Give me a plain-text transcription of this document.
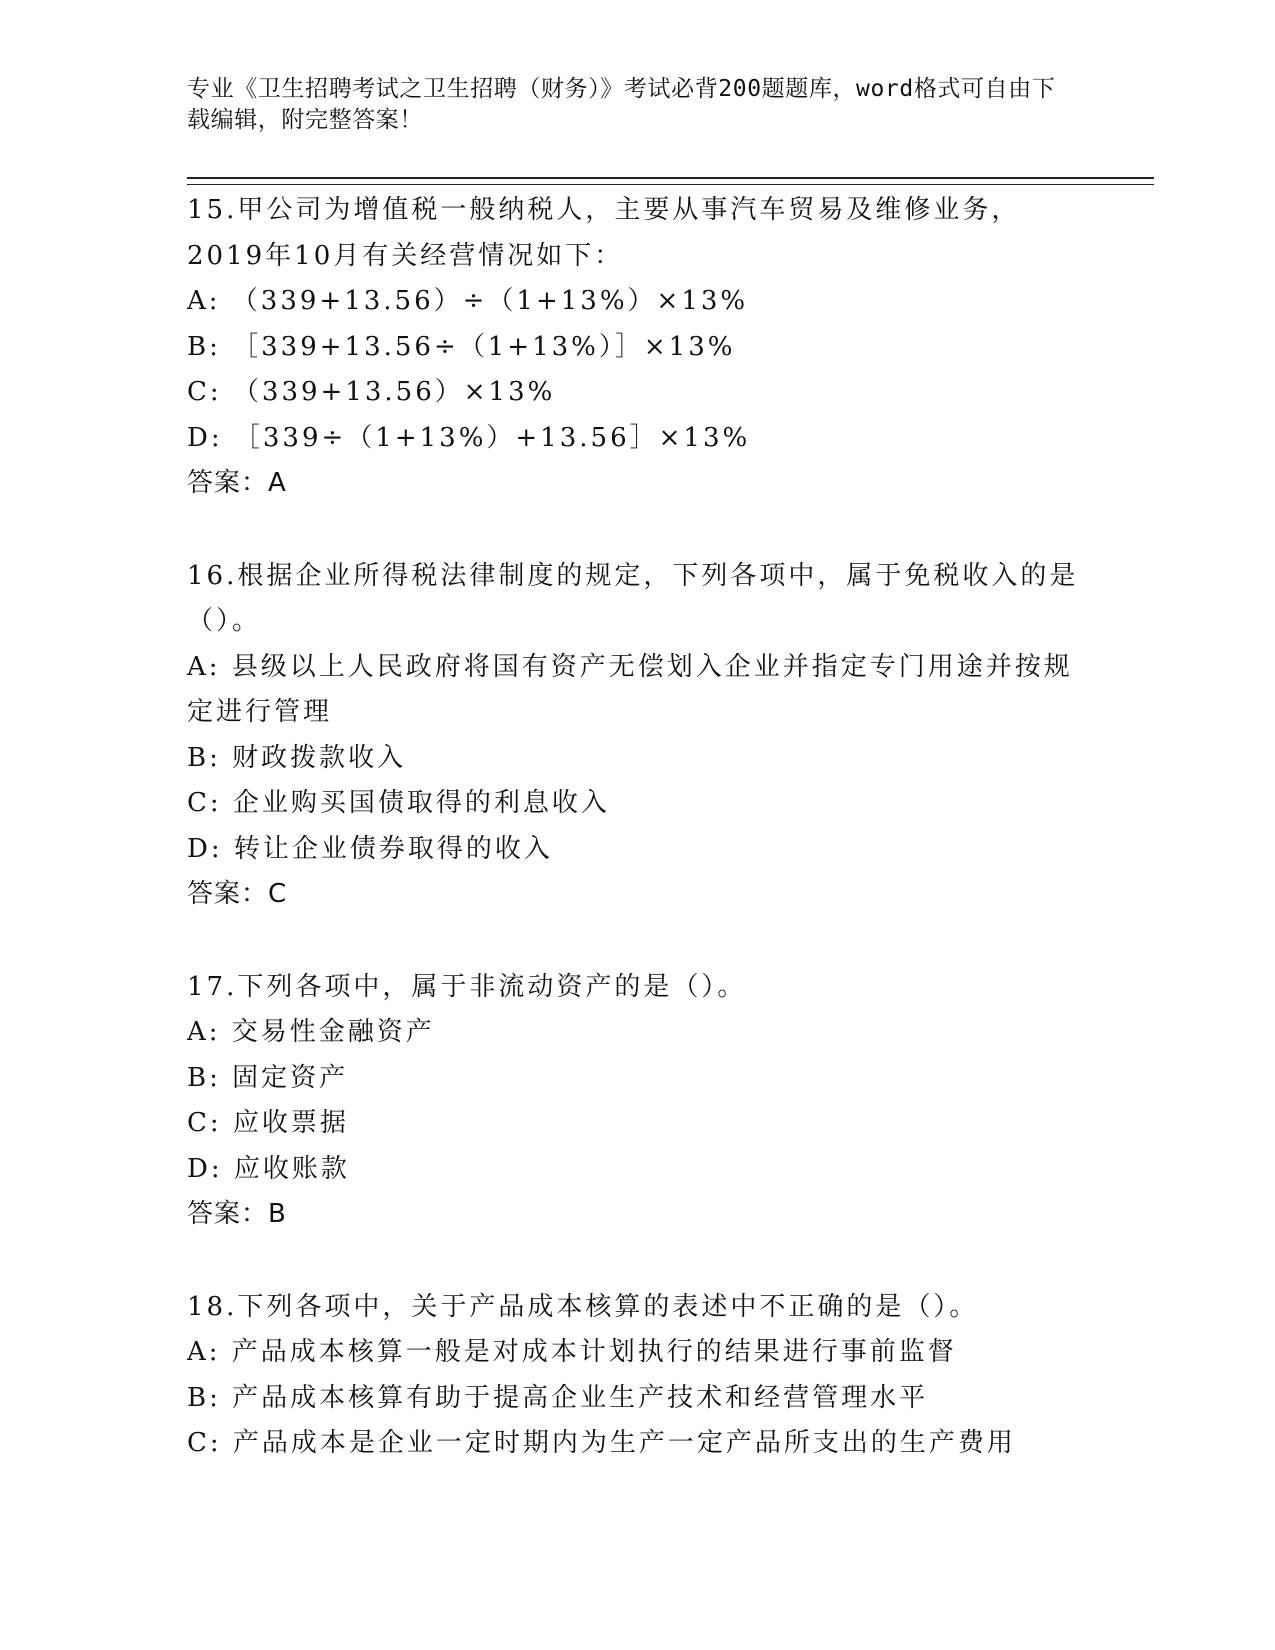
专业《卫生招聘考试之卫生招聘（财务）》考试必背200题题库，word格式可自由下载编辑，附完整答案！
15.甲公司为增值税一般纳税人，主要从事汽车贸易及维修业务，2019年10月有关经营情况如下：
A: （339+13.56）÷（1+13%）×13%
B: ［339+13.56÷（1+13%）］×13%
C: （339+13.56）×13%
D: ［339÷（1+13%）+13.56］×13%
答案：A
16.根据企业所得税法律制度的规定，下列各项中，属于免税收入的是（）。
A: 县级以上人民政府将国有资产无偿划入企业并指定专门用途并按规定进行管理
B: 财政拨款收入
C: 企业购买国债取得的利息收入
D: 转让企业债券取得的收入
答案：C
17.下列各项中，属于非流动资产的是（）。
A: 交易性金融资产
B: 固定资产
C: 应收票据
D: 应收账款
答案：B
18.下列各项中，关于产品成本核算的表述中不正确的是（）。
A: 产品成本核算一般是对成本计划执行的结果进行事前监督
B: 产品成本核算有助于提高企业生产技术和经营管理水平
C: 产品成本是企业一定时期内为生产一定产品所支出的生产费用
